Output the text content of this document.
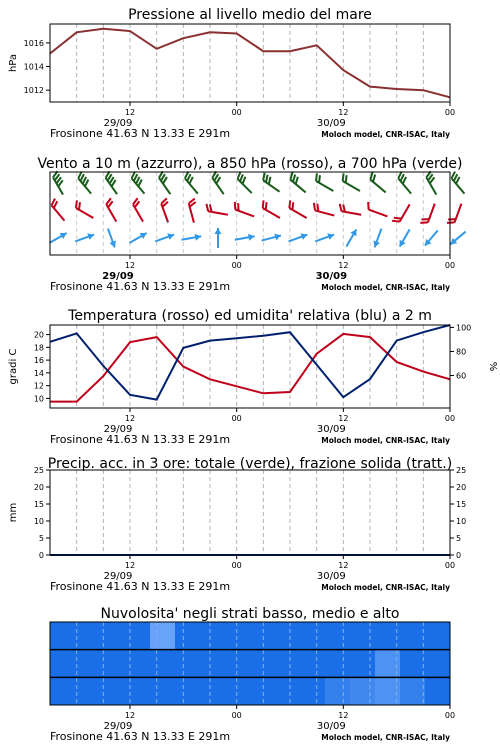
Pressione al livello medio del mare
1012
1014
1016
hPa
12	00	12	00
29/09	30/09
Frosinone 41.63 N 13.33 E 291m	Moloch model, CNR-ISAC, Italy
Vento a 10 m (azzurro), a 850 hPa (rosso), a 700 hPa (verde)
12	00	12	00
29/09	30/09
Frosinone 41.63 N 13.33 E 291m	Moloch model, CNR-ISAC, Italy
Temperatura (rosso) ed umidita' relativa (blu) a 2 m
10
12
14
16
18
20
60
80
100
gradi C	%
12	00	12	00
29/09	30/09
Frosinone 41.63 N 13.33 E 291m	Moloch model, CNR-ISAC, Italy
Precip. acc. in 3 ore: totale (verde), frazione solida (tratt.)
0
5
10
15
20
25
0
5
10
15
20
25
mm
12	00	12	00
29/09	30/09
Frosinone 41.63 N 13.33 E 291m	Moloch model, CNR-ISAC, Italy
Nuvolosita' negli strati basso, medio e alto
12	00	12	00
29/09	30/09
Frosinone 41.63 N 13.33 E 291m	Moloch model, CNR-ISAC, Italy
